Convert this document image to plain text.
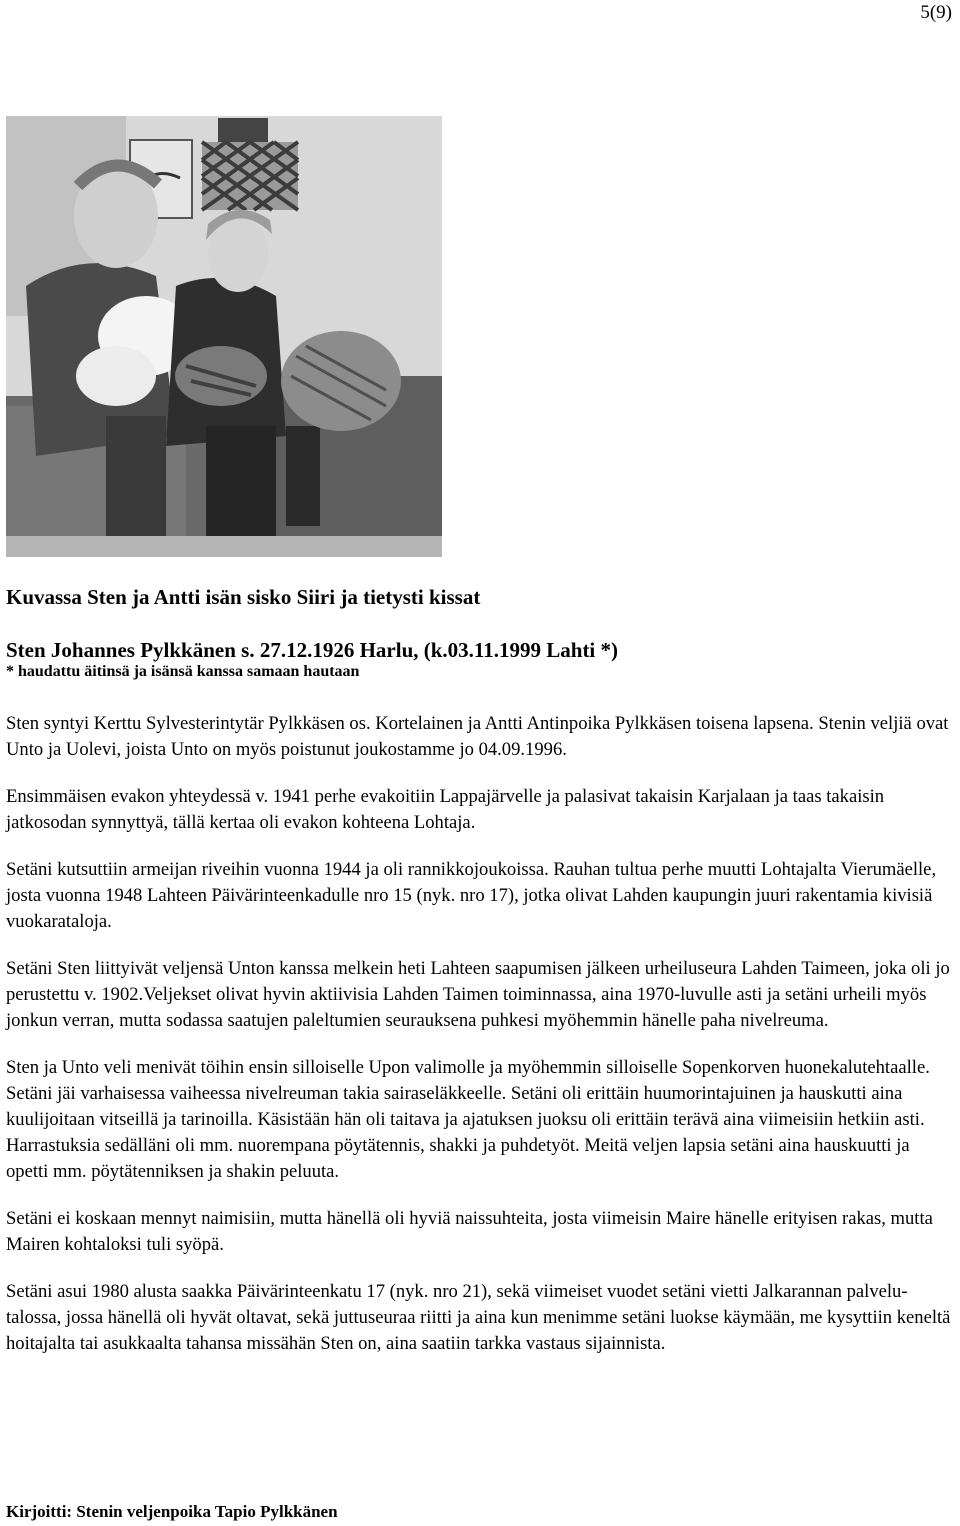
5(9)

Kuvassa Sten ja Antti isän sisko Siiri ja tietysti kissat

Sten Johannes Pylkkänen s. 27.12.1926 Harlu, (k.03.11.1999 Lahti *)

* haudattu äitinsä ja isänsä kanssa samaan hautaan

Sten syntyi Kerttu Sylvesterintytär Pylkkäsen os. Kortelainen ja Antti Antinpoika Pylkkäsen toisena lapsena. Stenin veljiä ovat Unto ja Uolevi, joista Unto on myös poistunut joukostamme jo 04.09.1996.

Ensimmäisen evakon yhteydessä v. 1941 perhe evakoitiin Lappajärvelle ja palasivat takaisin Karjalaan ja taas takaisin jatkosodan synnyttyä, tällä kertaa oli evakon kohteena Lohtaja.

Setäni kutsuttiin armeijan riveihin vuonna 1944 ja oli rannikkojoukoissa. Rauhan tultua perhe muutti Lohtajalta Vierumäelle, josta vuonna 1948 Lahteen Päivärinteenkadulle nro 15 (nyk. nro 17), jotka olivat Lahden kaupungin juuri rakentamia kivisiä vuokarataloja.

Setäni Sten liittyivät veljensä Unton kanssa melkein heti Lahteen saapumisen jälkeen urheiluseura Lahden Taimeen, joka oli jo perustettu v. 1902.Veljekset olivat hyvin aktiivisia Lahden Taimen toiminnassa, aina 1970-luvulle asti ja setäni urheili myös jonkun verran, mutta sodassa saatujen paleltumien seurauksena puhkesi myöhemmin hänelle paha nivelreuma.

Sten ja Unto veli menivät töihin ensin silloiselle Upon valimolle ja myöhemmin silloiselle Sopenkorven huonekalutehtaalle. Setäni jäi varhaisessa vaiheessa nivelreuman takia sairaseläkkeelle. Setäni oli erittäin huumorintajuinen ja hauskutti aina kuulijoitaan vitseillä ja tarinoilla. Käsistään hän oli taitava ja ajatuksen juoksu oli erittäin terävä aina viimeisiin hetkiin asti. Harrastuksia sedälläni oli mm. nuorempana pöytätennis, shakki ja puhdetyöt. Meitä veljen lapsia setäni aina hauskuutti ja opetti mm. pöytätenniksen ja shakin peluuta.

Setäni ei koskaan mennyt naimisiin, mutta hänellä oli hyviä naissuhteita, josta viimeisin Maire hänelle erityisen rakas, mutta Mairen kohtaloksi tuli syöpä.

Setäni asui 1980 alusta saakka Päivärinteenkatu 17 (nyk. nro 21), sekä viimeiset vuodet setäni vietti Jalkarannan palvelu-talossa, jossa hänellä oli hyvät oltavat, sekä juttuseuraa riitti ja aina kun menimme setäni luokse käymään, me kysyttiin keneltä hoitajalta tai asukkaalta tahansa missähän Sten on, aina saatiin tarkka vastaus sijainnista.

Kirjoitti: Stenin veljenpoika Tapio Pylkkänen
